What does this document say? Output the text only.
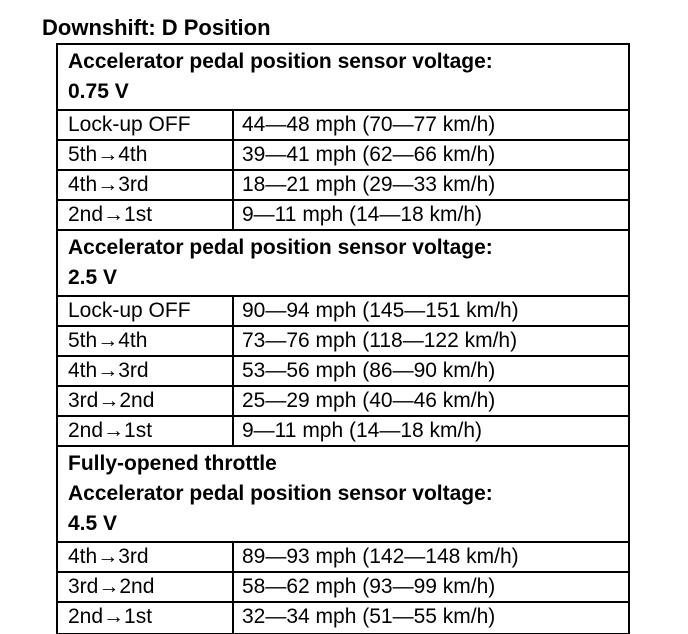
Downshift: D Position
Accelerator pedal position sensor voltage:
0.75 V
Lock-up OFF	44—48 mph (70—77 km/h)
5th→4th	39—41 mph (62—66 km/h)
4th→3rd	18—21 mph (29—33 km/h)
2nd→1st	9—11 mph (14—18 km/h)
Accelerator pedal position sensor voltage:
2.5 V
Lock-up OFF	90—94 mph (145—151 km/h)
5th→4th	73—76 mph (118—122 km/h)
4th→3rd	53—56 mph (86—90 km/h)
3rd→2nd	25—29 mph (40—46 km/h)
2nd→1st	9—11 mph (14—18 km/h)
Fully-opened throttle
Accelerator pedal position sensor voltage:
4.5 V
4th→3rd	89—93 mph (142—148 km/h)
3rd→2nd	58—62 mph (93—99 km/h)
2nd→1st	32—34 mph (51—55 km/h)
